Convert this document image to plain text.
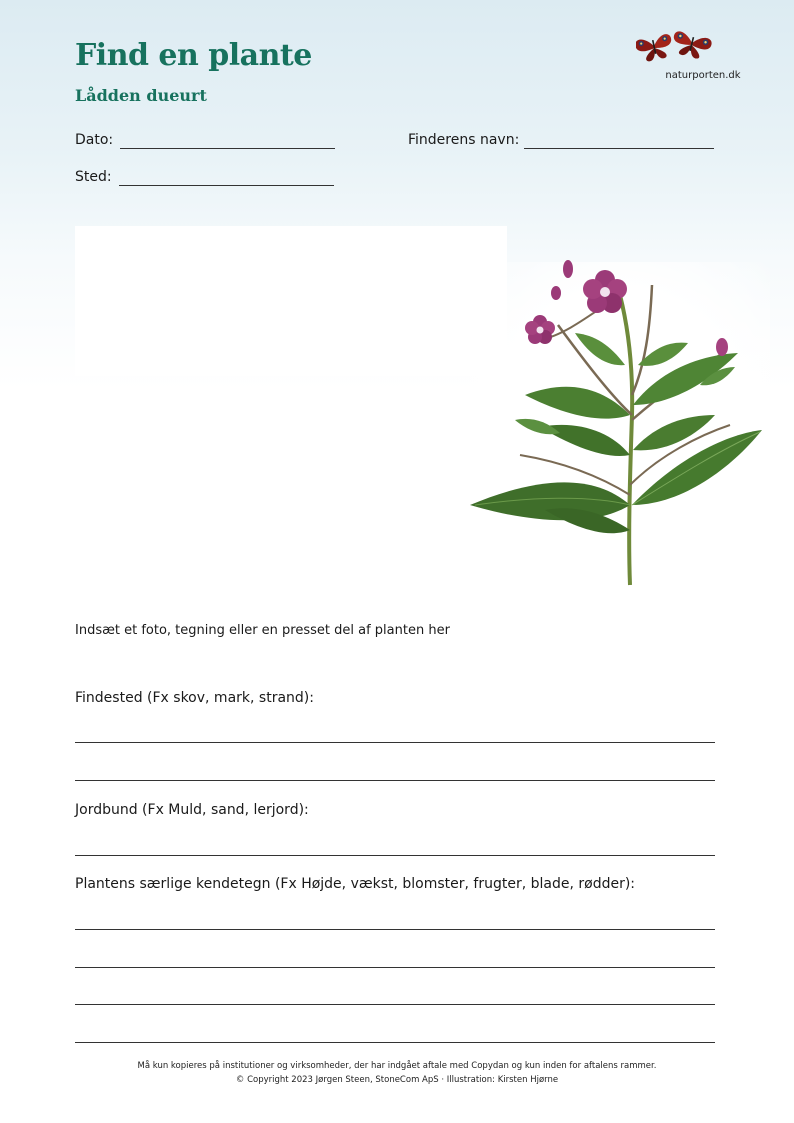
Find en plante
Lådden dueurt
naturporten.dk
Dato:	Finderens navn:
Sted:
Indsæt et foto, tegning eller en presset del af planten her
Findested (Fx skov, mark, strand):
Jordbund (Fx Muld, sand, lerjord):
Plantens særlige kendetegn (Fx Højde, vækst, blomster, frugter, blade, rødder):
Må kun kopieres på institutioner og virksomheder, der har indgået aftale med Copydan og kun inden for aftalens rammer.
© Copyright 2023 Jørgen Steen, StoneCom ApS · Illustration: Kirsten Hjørne
